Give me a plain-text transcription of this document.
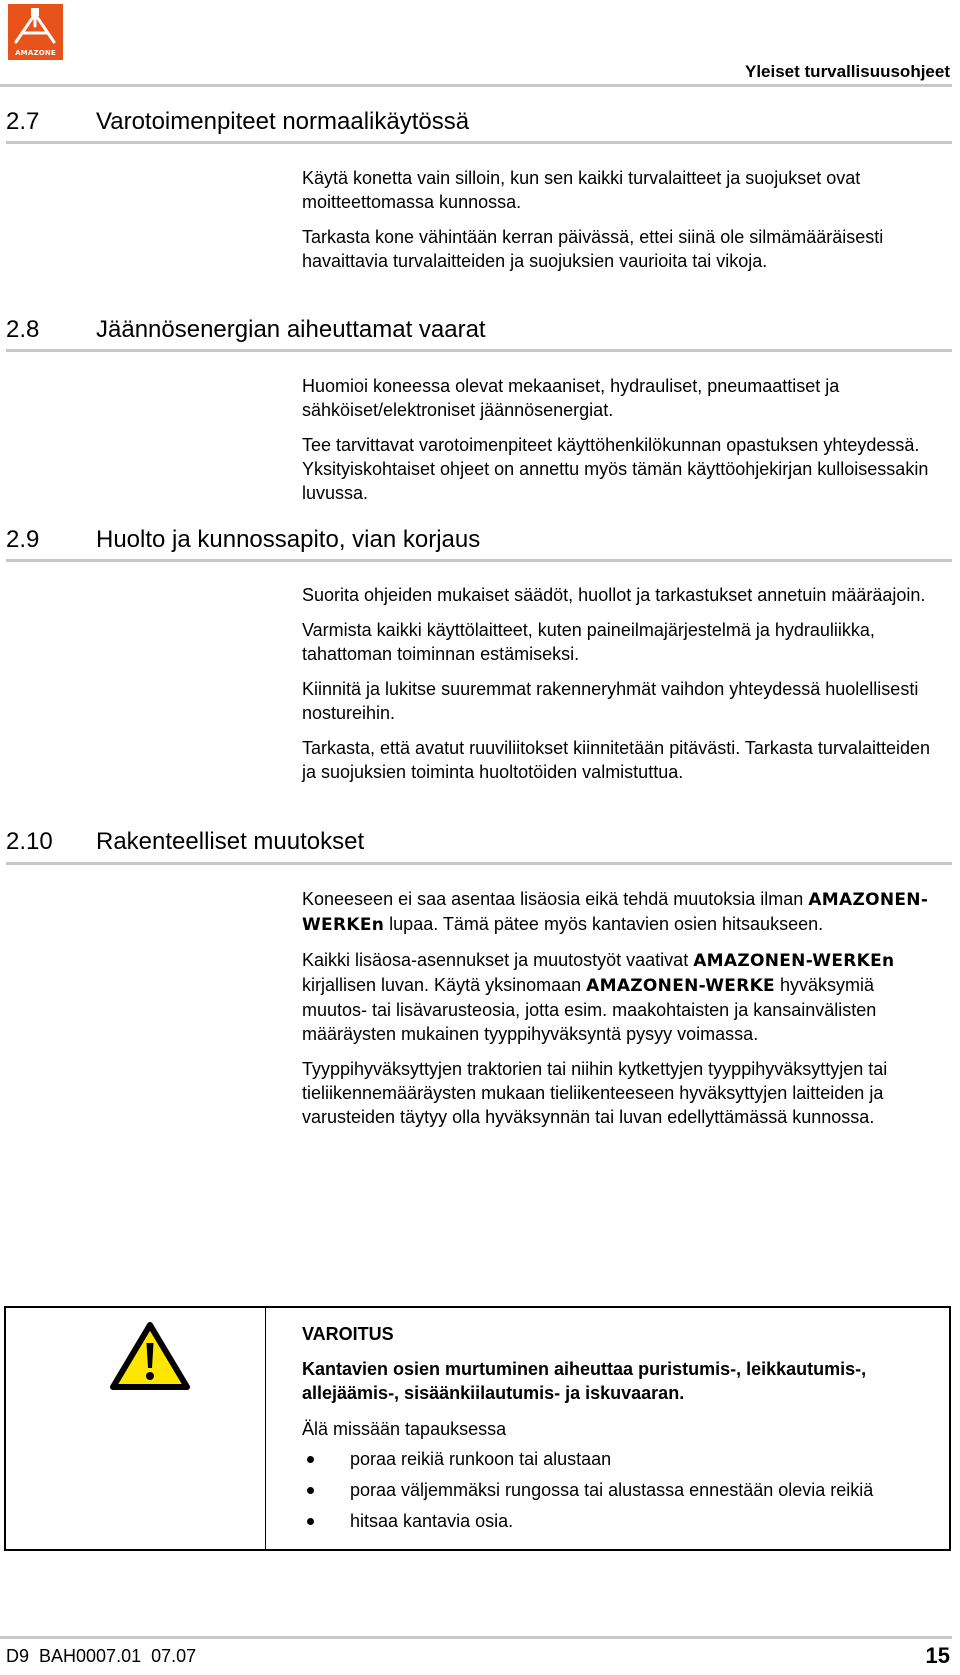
AMAZONE
Yleiset turvallisuusohjeet
2.7 Varotoimenpiteet normaalikäytössä

Käytä konetta vain silloin, kun sen kaikki turvalaitteet ja suojukset ovat moitteettomassa kunnossa.

Tarkasta kone vähintään kerran päivässä, ettei siinä ole silmämääräisesti havaittavia turvalaitteiden ja suojuksien vaurioita tai vikoja.

2.8 Jäännösenergian aiheuttamat vaarat

Huomioi koneessa olevat mekaaniset, hydrauliset, pneumaattiset ja sähköiset/elektroniset jäännösenergiat.

Tee tarvittavat varotoimenpiteet käyttöhenkilökunnan opastuksen yhteydessä. Yksityiskohtaiset ohjeet on annettu myös tämän käyttöohjekirjan kulloisessakin luvussa.

2.9 Huolto ja kunnossapito, vian korjaus

Suorita ohjeiden mukaiset säädöt, huollot ja tarkastukset annetuin määräajoin.

Varmista kaikki käyttölaitteet, kuten paineilmajärjestelmä ja hydrauliikka, tahattoman toiminnan estämiseksi.

Kiinnitä ja lukitse suuremmat rakenneryhmät vaihdon yhteydessä huolellisesti nostureihin.

Tarkasta, että avatut ruuviliitokset kiinnitetään pitävästi. Tarkasta turvalaitteiden ja suojuksien toiminta huoltotöiden valmistuttua.

2.10 Rakenteelliset muutokset

Koneeseen ei saa asentaa lisäosia eikä tehdä muutoksia ilman AMAZONEN-WERKEn lupaa. Tämä pätee myös kantavien osien hitsaukseen.

Kaikki lisäosa-asennukset ja muutostyöt vaativat AMAZONEN-WERKEn kirjallisen luvan. Käytä yksinomaan AMAZONEN-WERKE hyväksymiä muutos- tai lisävarusteosia, jotta esim. maakohtaisten ja kansainvälisten määräysten mukainen tyyppihyväksyntä pysyy voimassa.

Tyyppihyväksyttyjen traktorien tai niihin kytkettyjen tyyppihyväksyttyjen tai tieliikennemääräysten mukaan tieliikenteeseen hyväksyttyjen laitteiden ja varusteiden täytyy olla hyväksynnän tai luvan edellyttämässä kunnossa.

VAROITUS

Kantavien osien murtuminen aiheuttaa puristumis-, leikkautumis-, allejäämis-, sisäänkiilautumis- ja iskuvaaran.

Älä missään tapauksessa

poraa reikiä runkoon tai alustaan
poraa väljemmäksi rungossa tai alustassa ennestään olevia reikiä
hitsaa kantavia osia.
D9  BAH0007.01  07.07	15
